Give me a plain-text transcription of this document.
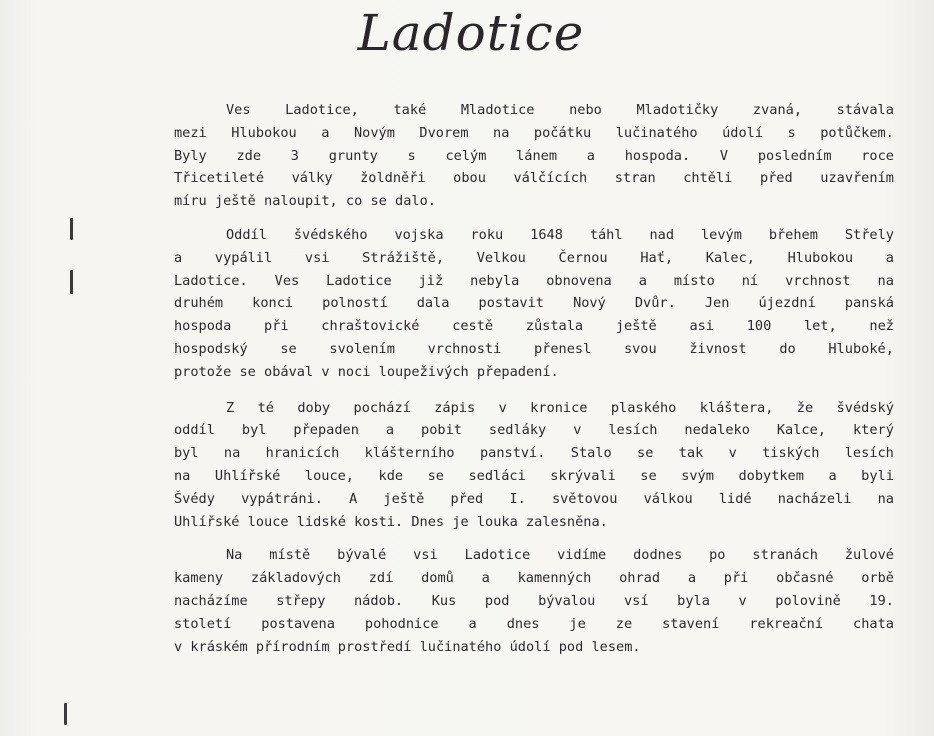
Ladotice
Ves	Ladotice,	také	Mladotice	nebo	Mladotičky	zvaná,	stávala
mezi Hlubokou a Novým Dvorem na počátku lučinatého údolí s potůčkem.
Byly zde 3 grunty s celým lánem a hospoda. V posledním roce
Třicetileté války žoldněři obou válčících stran chtěli před uzavřením
míru ještě naloupit, co se dalo.
Oddíl švédského vojska roku 1648 táhl nad levým břehem Střely
a vypálil vsi Strážiště, Velkou Černou Hať, Kalec, Hlubokou a
Ladotice. Ves Ladotice již nebyla obnovena a místo ní vrchnost na
druhém konci polností dala postavit Nový Dvůr. Jen újezdní panská
hospoda při chraštovické cestě zůstala ještě asi 100 let, než
hospodský se svolením vrchnosti přenesl svou živnost do Hluboké,
protože se obával v noci loupeživých přepadení.
Z té doby pochází zápis v kronice plaského kláštera, že švédský
oddíl byl přepaden a pobit sedláky v lesích nedaleko Kalce, který
byl na hranicích klášterního panství. Stalo se tak v tiských lesích
na Uhlířské louce, kde se sedláci skrývali se svým dobytkem a byli
Švédy vypátráni. A ještě před I. světovou válkou lidé nacházeli na
Uhlířské louce lidské kosti. Dnes je louka zalesněna.
Na místě bývalé vsi Ladotice vidíme dodnes po stranách žulové
kameny základových zdí domů a kamenných ohrad a při občasné orbě
nacházíme střepy nádob. Kus pod bývalou vsí byla v polovině 19.
století postavena pohodnice a dnes je ze stavení rekreační chata
v kráském přírodním prostředí lučinatého údolí pod lesem.
